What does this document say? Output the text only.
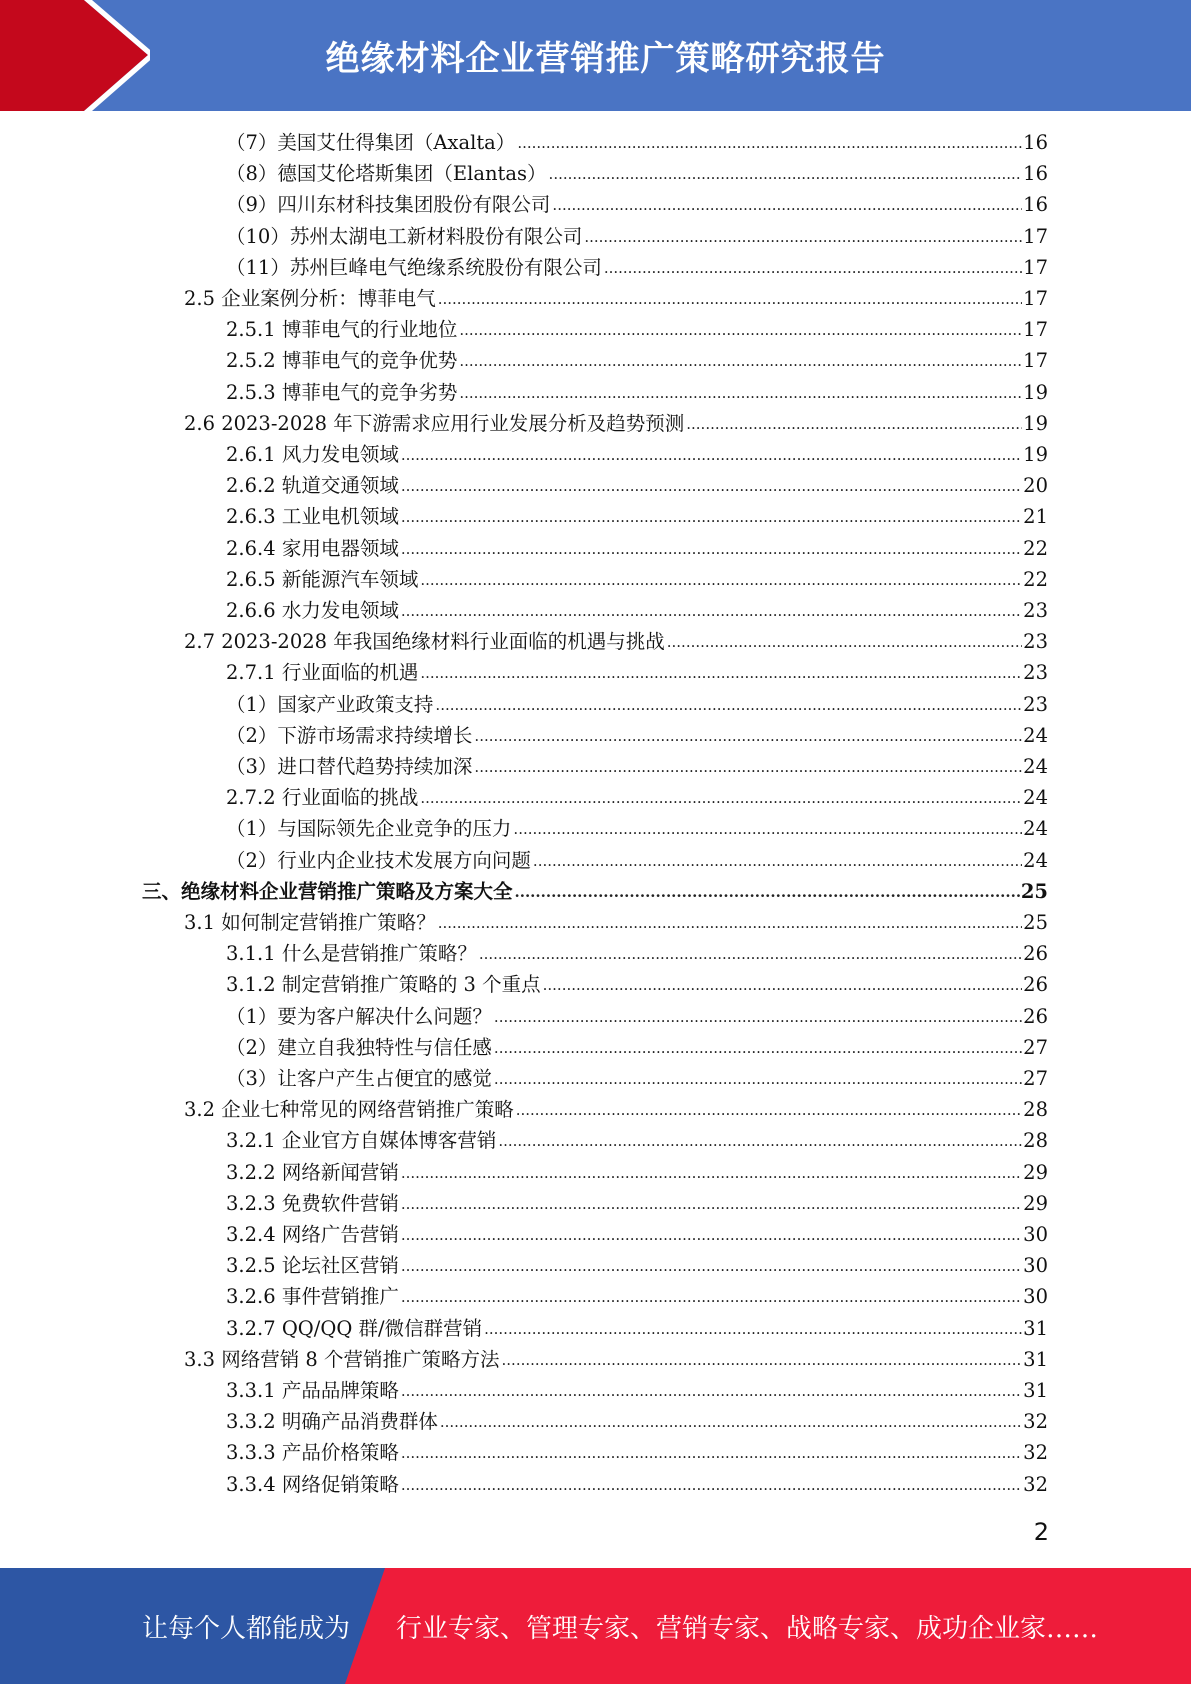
绝缘材料企业营销推广策略研究报告
（7）美国艾仕得集团（Axalta） .....	16
（8）德国艾伦塔斯集团（Elantas） .....	16
（9）四川东材科技集团股份有限公司 .....	16
（10）苏州太湖电工新材料股份有限公司 .....	17
（11）苏州巨峰电气绝缘系统股份有限公司 .....	17
2.5 企业案例分析：博菲电气 .....	17
2.5.1 博菲电气的行业地位 .....	17
2.5.2 博菲电气的竞争优势 .....	17
2.5.3 博菲电气的竞争劣势 .....	19
2.6 2023-2028 年下游需求应用行业发展分析及趋势预测 .....	19
2.6.1 风力发电领域 .....	19
2.6.2 轨道交通领域 .....	20
2.6.3 工业电机领域 .....	21
2.6.4 家用电器领域 .....	22
2.6.5 新能源汽车领域 .....	22
2.6.6 水力发电领域 .....	23
2.7 2023-2028 年我国绝缘材料行业面临的机遇与挑战 .....	23
2.7.1 行业面临的机遇 .....	23
（1）国家产业政策支持 .....	23
（2）下游市场需求持续增长 .....	24
（3）进口替代趋势持续加深 .....	24
2.7.2 行业面临的挑战 .....	24
（1）与国际领先企业竞争的压力 .....	24
（2）行业内企业技术发展方向问题 .....	24
三、绝缘材料企业营销推广策略及方案大全 .....	25
3.1 如何制定营销推广策略？ .....	25
3.1.1 什么是营销推广策略？ .....	26
3.1.2 制定营销推广策略的 3 个重点 .....	26
（1）要为客户解决什么问题？ .....	26
（2）建立自我独特性与信任感 .....	27
（3）让客户产生占便宜的感觉 .....	27
3.2 企业七种常见的网络营销推广策略 .....	28
3.2.1 企业官方自媒体博客营销 .....	28
3.2.2 网络新闻营销 .....	29
3.2.3 免费软件营销 .....	29
3.2.4 网络广告营销 .....	30
3.2.5 论坛社区营销 .....	30
3.2.6 事件营销推广 .....	30
3.2.7 QQ/QQ 群/微信群营销 .....	31
3.3 网络营销 8 个营销推广策略方法 .....	31
3.3.1 产品品牌策略 .....	31
3.3.2 明确产品消费群体 .....	32
3.3.3 产品价格策略 .....	32
3.3.4 网络促销策略 .....	32
2
让每个人都能成为 行业专家、管理专家、营销专家、战略专家、成功企业家……
